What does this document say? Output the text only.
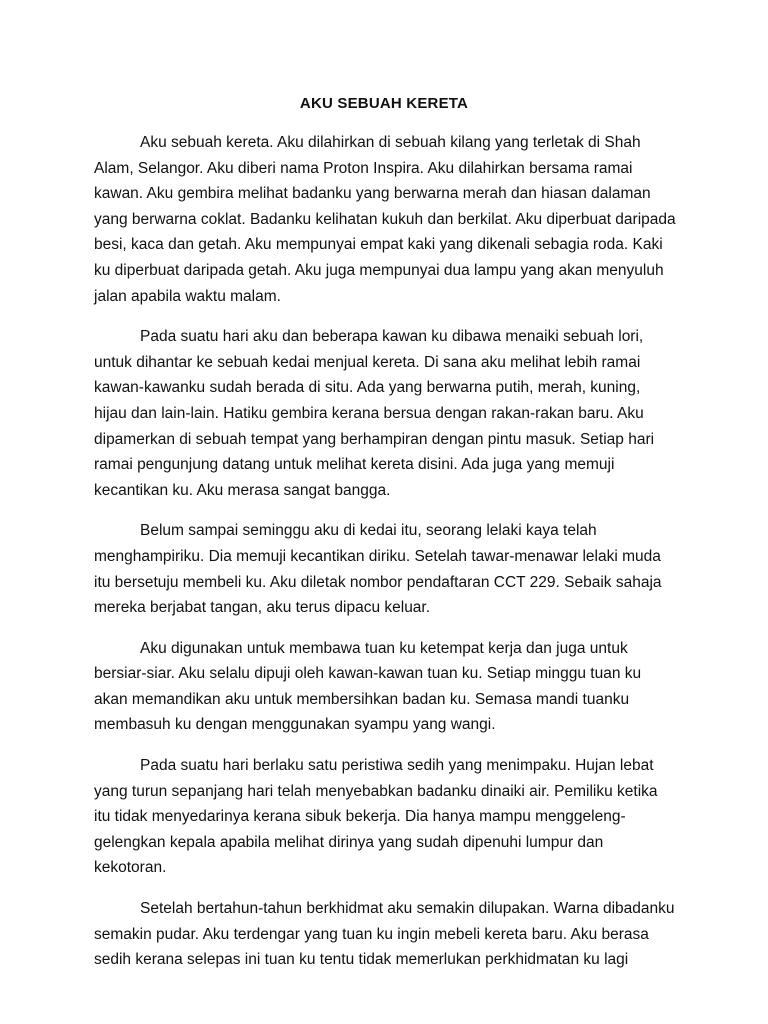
AKU SEBUAH KERETA

Aku sebuah kereta. Aku dilahirkan di sebuah kilang yang terletak di Shah Alam, Selangor. Aku diberi nama Proton Inspira. Aku dilahirkan bersama ramai kawan. Aku gembira melihat badanku yang berwarna merah dan hiasan dalaman yang berwarna coklat. Badanku kelihatan kukuh dan berkilat. Aku diperbuat daripada besi, kaca dan getah. Aku mempunyai empat kaki yang dikenali sebagia roda. Kaki ku diperbuat daripada getah. Aku juga mempunyai dua lampu yang akan menyuluh jalan apabila waktu malam.

Pada suatu hari aku dan beberapa kawan ku dibawa menaiki sebuah lori, untuk dihantar ke sebuah kedai menjual kereta. Di sana aku melihat lebih ramai kawan-kawanku sudah berada di situ. Ada yang berwarna putih, merah, kuning, hijau dan lain-lain. Hatiku gembira kerana bersua dengan rakan-rakan baru. Aku dipamerkan di sebuah tempat yang berhampiran dengan pintu masuk. Setiap hari ramai pengunjung datang untuk melihat kereta disini. Ada juga yang memuji kecantikan ku. Aku merasa sangat bangga.

Belum sampai seminggu aku di kedai itu, seorang lelaki kaya telah menghampiriku. Dia memuji kecantikan diriku. Setelah tawar-menawar lelaki muda itu bersetuju membeli ku. Aku diletak nombor pendaftaran CCT 229. Sebaik sahaja mereka berjabat tangan, aku terus dipacu keluar.

Aku digunakan untuk membawa tuan ku ketempat kerja dan juga untuk bersiar-siar. Aku selalu dipuji oleh kawan-kawan tuan ku. Setiap minggu tuan ku akan memandikan aku untuk membersihkan badan ku. Semasa mandi tuanku membasuh ku dengan menggunakan syampu yang wangi.

Pada suatu hari berlaku satu peristiwa sedih yang menimpaku. Hujan lebat yang turun sepanjang hari telah menyebabkan badanku dinaiki air. Pemiliku ketika itu tidak menyedarinya kerana sibuk bekerja. Dia hanya mampu menggeleng-gelengkan kepala apabila melihat dirinya yang sudah dipenuhi lumpur dan kekotoran.

Setelah bertahun-tahun berkhidmat aku semakin dilupakan. Warna dibadanku semakin pudar. Aku terdengar yang tuan ku ingin mebeli kereta baru. Aku berasa sedih kerana selepas ini tuan ku tentu tidak memerlukan perkhidmatan ku lagi
